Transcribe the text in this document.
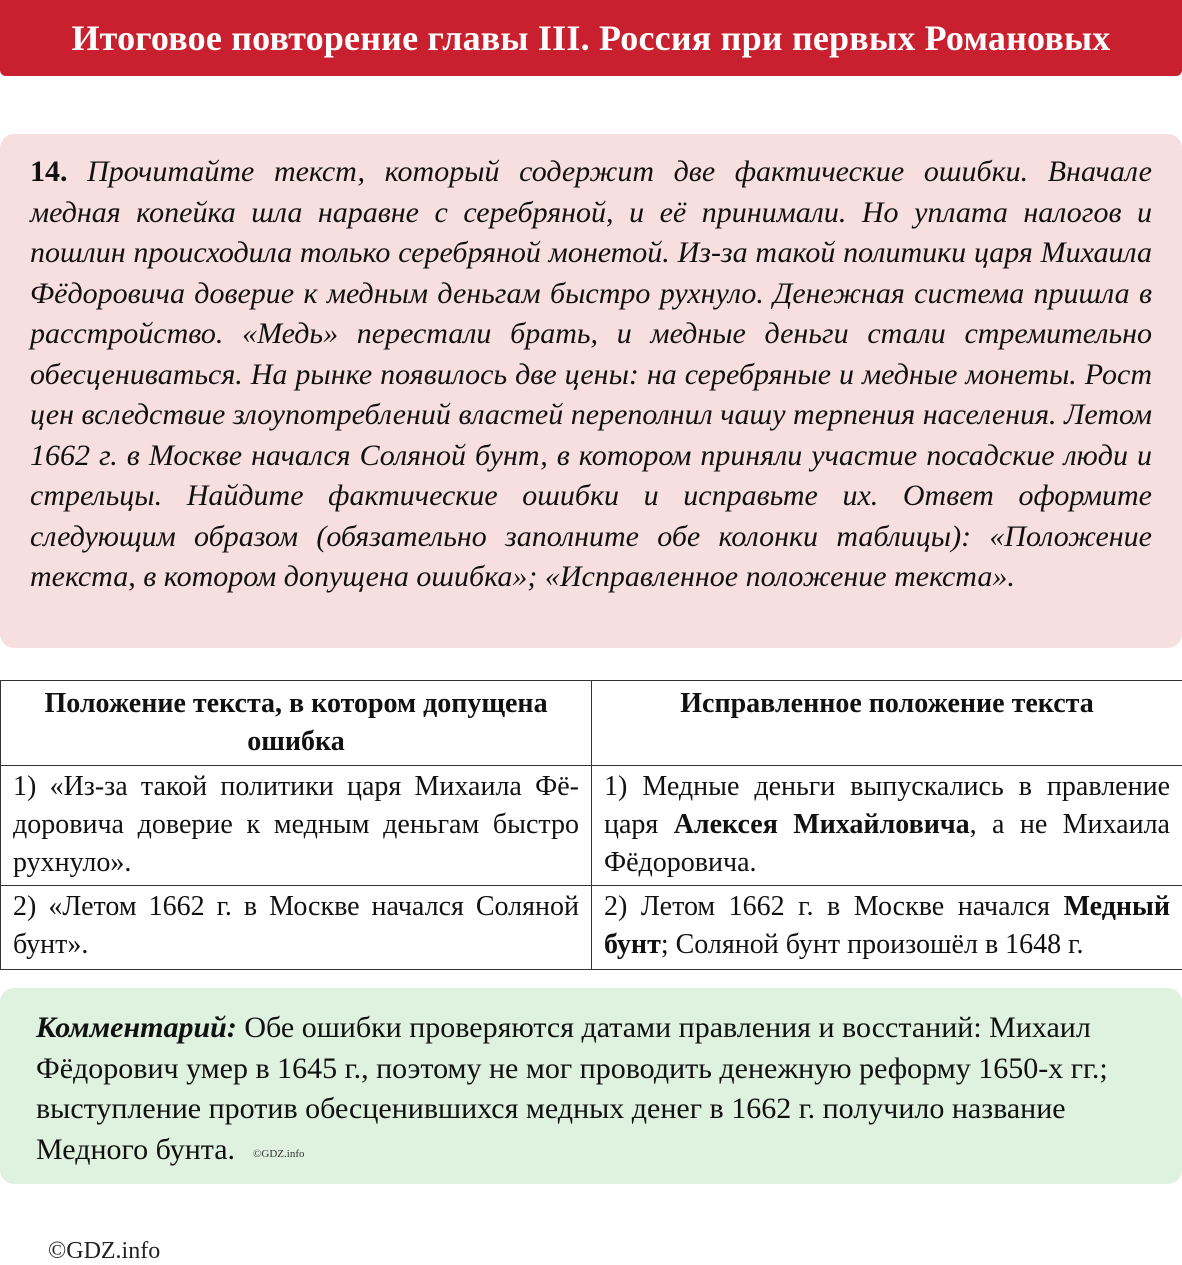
Итоговое повторение главы III. Россия при первых Романовых
14. Прочитайте текст, который содержит две фактические ошибки. Вначале медная копейка шла наравне с серебряной, и её принимали. Но уплата налогов и пошлин происходила только серебряной монетой. Из-за такой политики царя Михаила Фёдоровича доверие к медным деньгам быстро рухнуло. Денежная система пришла в расстройство. «Медь» перестали брать, и медные деньги стали стремительно обесцениваться. На рынке появилось две цены: на серебряные и медные монеты. Рост цен вследствие злоупотреблений властей переполнил чашу терпения населения. Летом 1662 г. в Москве начался Соляной бунт, в котором приняли участие посадские люди и стрельцы. Найдите фактические ошибки и исправьте их. Ответ оформите следующим образом (обязательно заполните обе колонки таблицы): «Положение текста, в котором допущена ошибка»; «Исправленное положение текста».
Положение текста, в котором допущена ошибка	Исправленное положение текста
1) «Из-за такой политики царя Михаила Фёдоровича доверие к медным деньгам быстро рухнуло».	1) Медные деньги выпускались в правление царя Алексея Михайловича, а не Михаила Фёдоровича.
2) «Летом 1662 г. в Москве начался Соляной бунт».	2) Летом 1662 г. в Москве начался Медный бунт; Соляной бунт произошёл в 1648 г.
Комментарий: Обе ошибки проверяются датами правления и восстаний: Михаил Фёдорович умер в 1645 г., поэтому не мог проводить денежную реформу 1650-х гг.; выступление против обесценившихся медных денег в 1662 г. получило название Медного бунта. ©GDZ.info
©GDZ.info
